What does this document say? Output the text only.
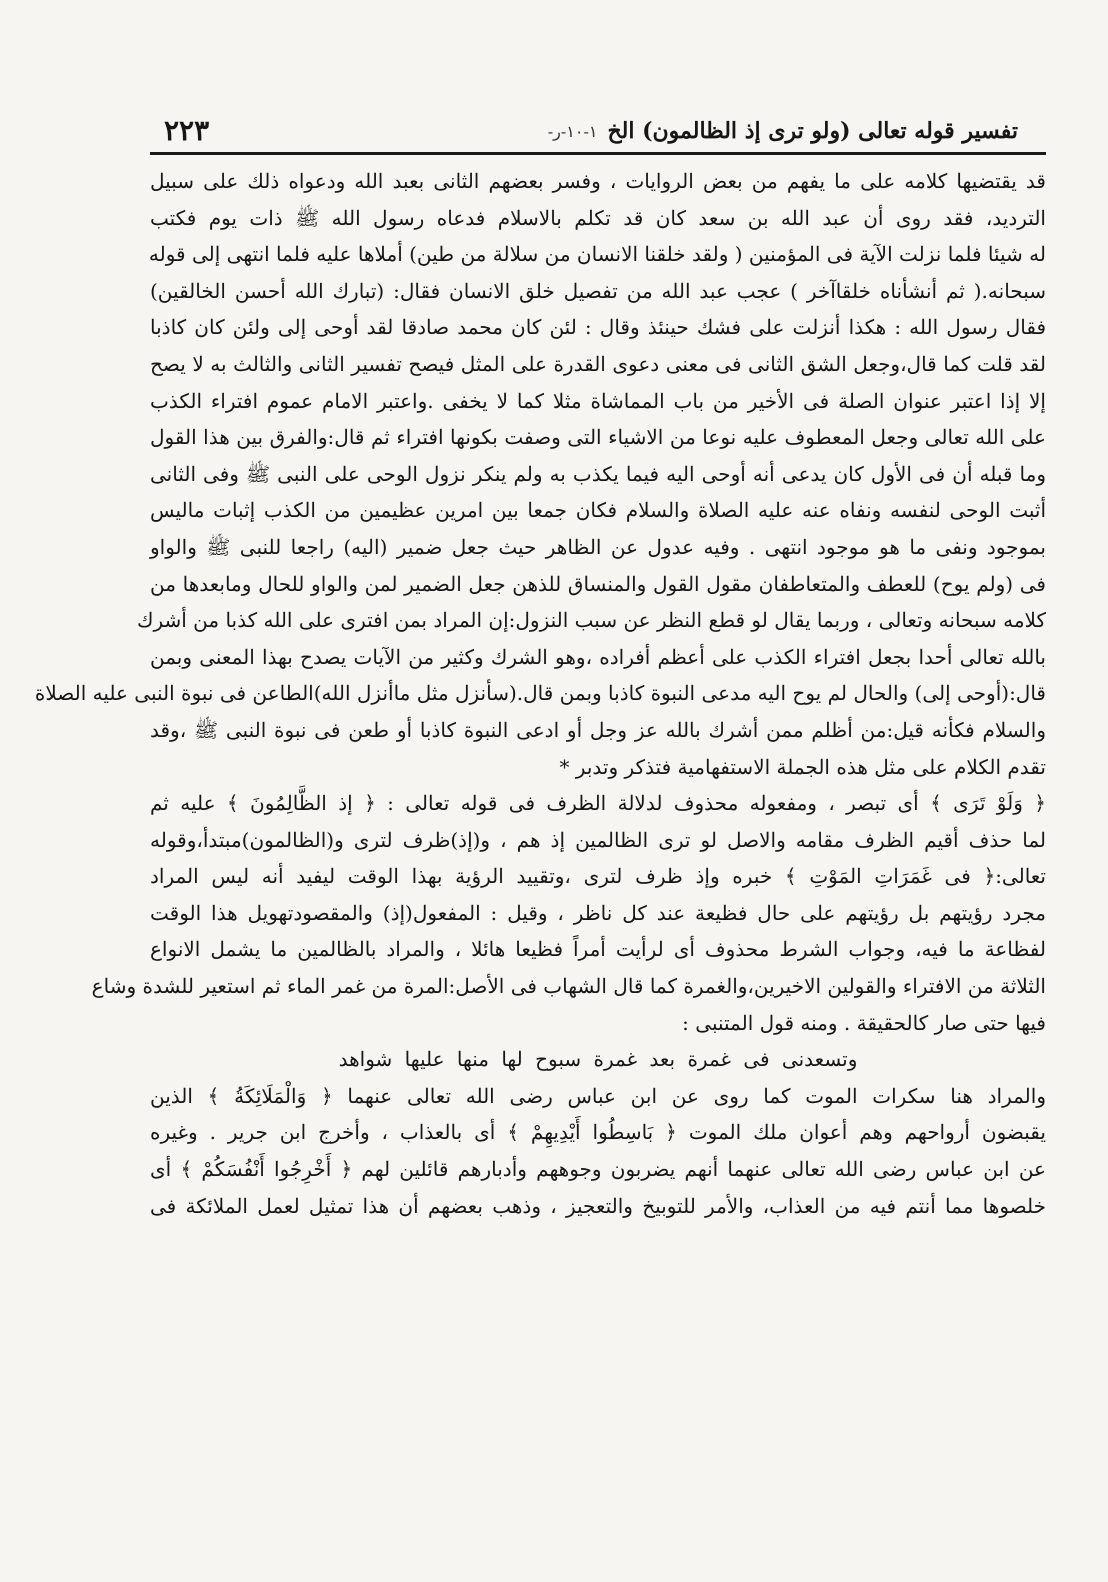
تفسير قوله تعالى (ولو ترى إذ الظالمون) الخ
١-١٠-ر-
٢٢٣
قد يقتضيها كلامه على ما يفهم من بعض الروايات ، وفسر بعضهم الثانى بعبد الله ودعواه ذلك على سبيل
الترديد، فقد روى أن عبد الله بن سعد كان قد تكلم بالاسلام فدعاه رسول الله ﷺ ذات يوم فكتب
له شيئا فلما نزلت الآية فى المؤمنين ( ولقد خلقنا الانسان من سلالة من طين) أملاها عليه فلما انتهى إلى قوله
سبحانه.( ثم أنشأناه خلقاآخر ) عجب عبد الله من تفصيل خلق الانسان فقال: (تبارك الله أحسن الخالقين)
فقال رسول الله : هكذا أنزلت على فشك حينئذ وقال : لئن كان محمد صادقا لقد أوحى إلى ولئن كان كاذبا
لقد قلت كما قال،وجعل الشق الثانى فى معنى دعوى القدرة على المثل فيصح تفسير الثانى والثالث به لا يصح
إلا إذا اعتبر عنوان الصلة فى الأخير من باب المماشاة مثلا كما لا يخفى .واعتبر الامام عموم افتراء الكذب
على الله تعالى وجعل المعطوف عليه نوعا من الاشياء التى وصفت بكونها افتراء ثم قال:والفرق بين هذا القول
وما قبله أن فى الأول كان يدعى أنه أوحى اليه فيما يكذب به ولم ينكر نزول الوحى على النبى ﷺ وفى الثانى
أثبت الوحى لنفسه ونفاه عنه عليه الصلاة والسلام فكان جمعا بين امرين عظيمين من الكذب إثبات ماليس
بموجود ونفى ما هو موجود انتهى . وفيه عدول عن الظاهر حيث جعل ضمير (اليه) راجعا للنبى ﷺ والواو
فى (ولم يوح) للعطف والمتعاطفان مقول القول والمنساق للذهن جعل الضمير لمن والواو للحال ومابعدها من
كلامه سبحانه وتعالى ، وربما يقال لو قطع النظر عن سبب النزول:إن المراد بمن افترى على الله كذبا من أشرك
بالله تعالى أحدا بجعل افتراء الكذب على أعظم أفراده ،وهو الشرك وكثير من الآيات يصدح بهذا المعنى وبمن
قال:(أوحى إلى) والحال لم يوح اليه مدعى النبوة كاذبا وبمن قال.(سأنزل مثل ماأنزل الله)الطاعن فى نبوة النبى عليه الصلاة
والسلام فكأنه قيل:من أظلم ممن أشرك بالله عز وجل أو ادعى النبوة كاذبا أو طعن فى نبوة النبى ﷺ ،وقد
تقدم الكلام على مثل هذه الجملة الاستفهامية فتذكر وتدبر *
﴿ وَلَوْ تَرَى ﴾ أى تبصر ، ومفعوله محذوف لدلالة الظرف فى قوله تعالى : ﴿ إذ الظَّالِمُونَ ﴾ عليه ثم
لما حذف أقيم الظرف مقامه والاصل لو ترى الظالمين إذ هم ، و(إذ)ظرف لترى و(الظالمون)مبتدأ،وقوله
تعالى:﴿ فى غَمَرَاتِ المَوْتِ ﴾ خبره وإذ ظرف لترى ،وتقييد الرؤية بهذا الوقت ليفيد أنه ليس المراد
مجرد رؤيتهم بل رؤيتهم على حال فظيعة عند كل ناظر ، وقيل : المفعول(إذ) والمقصودتهويل هذا الوقت
لفظاعة ما فيه، وجواب الشرط محذوف أى لرأيت أمراً فظيعا هائلا ، والمراد بالظالمين ما يشمل الانواع
الثلاثة من الافتراء والقولين الاخيرين،والغمرة كما قال الشهاب فى الأصل:المرة من غمر الماء ثم استعير للشدة وشاع
فيها حتى صار كالحقيقة . ومنه قول المتنبى :
وتسعدنى فى غمرة بعد غمرة سبوح لها منها عليها شواهد
والمراد هنا سكرات الموت كما روى عن ابن عباس رضى الله تعالى عنهما ﴿ وَالْمَلَائِكَةُ ﴾ الذين
يقبضون أرواحهم وهم أعوان ملك الموت ﴿ بَاسِطُوا أَيْدِيهِمْ ﴾ أى بالعذاب ، وأخرج ابن جرير . وغيره
عن ابن عباس رضى الله تعالى عنهما أنهم يضربون وجوههم وأدبارهم قائلين لهم ﴿ أَخْرِجُوا أَنْفُسَكُمْ ﴾ أى
خلصوها مما أنتم فيه من العذاب، والأمر للتوبيخ والتعجيز ، وذهب بعضهم أن هذا تمثيل لعمل الملائكة فى
